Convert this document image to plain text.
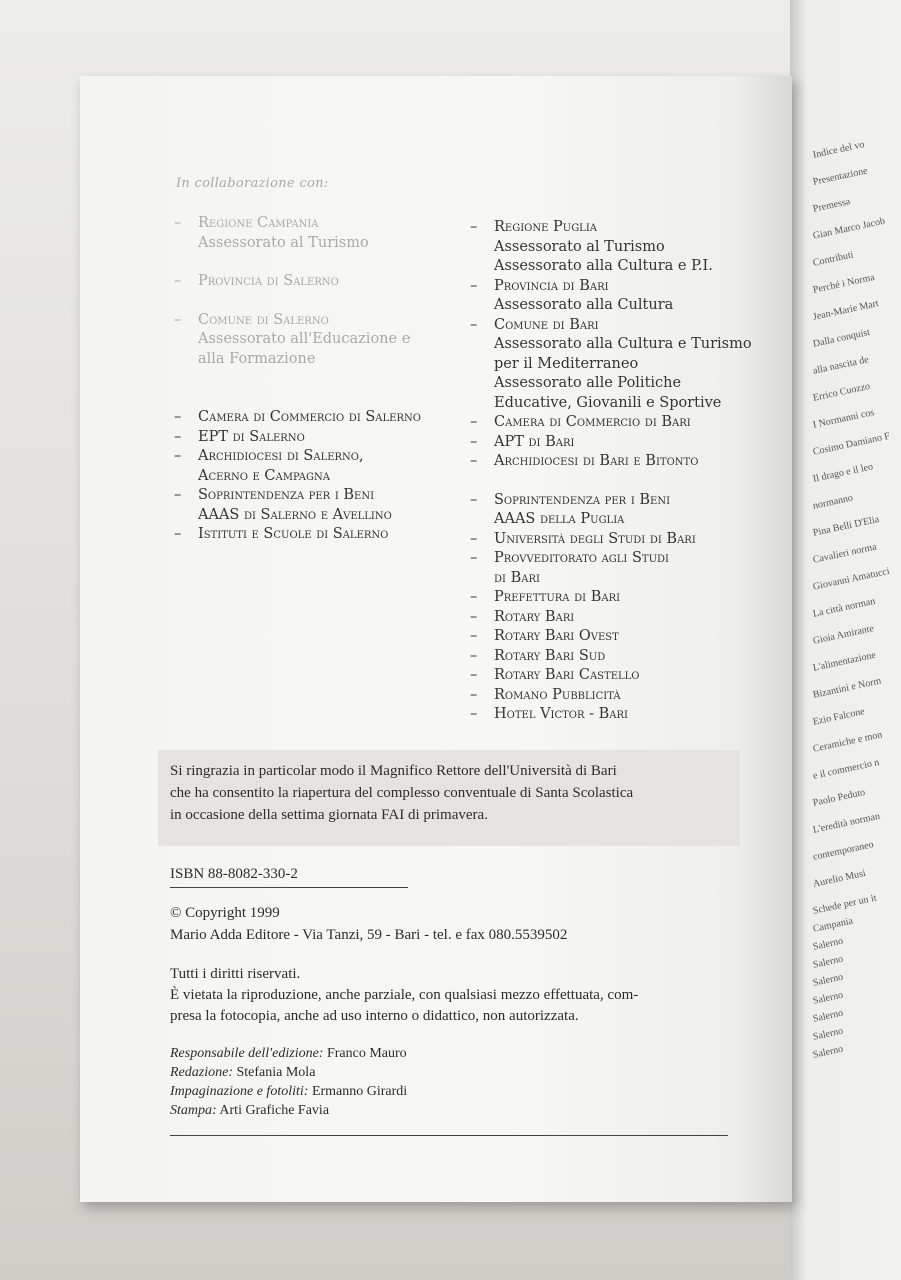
Indice del vo
Presentazione
Premessa
Gian Marco Jacob
Contributi
Perché i Norma
Jean-Marie Mart
Dalla conquist
alla nascita de
Errico Cuozzo
I Normanni cos
Cosimo Damiano F
Il drago e il leo
normanno
Pina Belli D'Elia
Cavalieri norma
Giovanni Amatucci
La città norman
Gioia Amirante
L'alimentazione
Bizantini e Norm
Ezio Falcone
Ceramiche e mon
e il commercio n
Paolo Peduto
L'eredità norman
contemporaneo
Aurelio Musi
Schede per un it
Campania
Salerno
Salerno
Salerno
Salerno
Salerno
Salerno
Salerno
In collaborazione con:
– Regione Campania
Assessorato al Turismo
– Provincia di Salerno
– Comune di Salerno
Assessorato all'Educazione e
alla Formazione
– Camera di Commercio di Salerno
– EPT di Salerno
– Archidiocesi di Salerno,
Acerno e Campagna
– Soprintendenza per i Beni
AAAS di Salerno e Avellino
– Istituti e Scuole di Salerno
– Regione Puglia
Assessorato al Turismo
Assessorato alla Cultura e P.I.
– Provincia di Bari
Assessorato alla Cultura
– Comune di Bari
Assessorato alla Cultura e Turismo
per il Mediterraneo
Assessorato alle Politiche
Educative, Giovanili e Sportive
– Camera di Commercio di Bari
– APT di Bari
– Archidiocesi di Bari e Bitonto
– Soprintendenza per i Beni
AAAS della Puglia
– Università degli Studi di Bari
– Provveditorato agli Studi
di Bari
– Prefettura di Bari
– Rotary Bari
– Rotary Bari Ovest
– Rotary Bari Sud
– Rotary Bari Castello
– Romano Pubblicità
– Hotel Victor - Bari
Si ringrazia in particolar modo il Magnifico Rettore dell'Università di Bari
che ha consentito la riapertura del complesso conventuale di Santa Scolastica
in occasione della settima giornata FAI di primavera.
ISBN 88-8082-330-2
© Copyright 1999
Mario Adda Editore - Via Tanzi, 59 - Bari - tel. e fax 080.5539502
Tutti i diritti riservati.
È vietata la riproduzione, anche parziale, con qualsiasi mezzo effettuata, com-
presa la fotocopia, anche ad uso interno o didattico, non autorizzata.
Responsabile dell'edizione: Franco Mauro
Redazione: Stefania Mola
Impaginazione e fotoliti: Ermanno Girardi
Stampa: Arti Grafiche Favia
